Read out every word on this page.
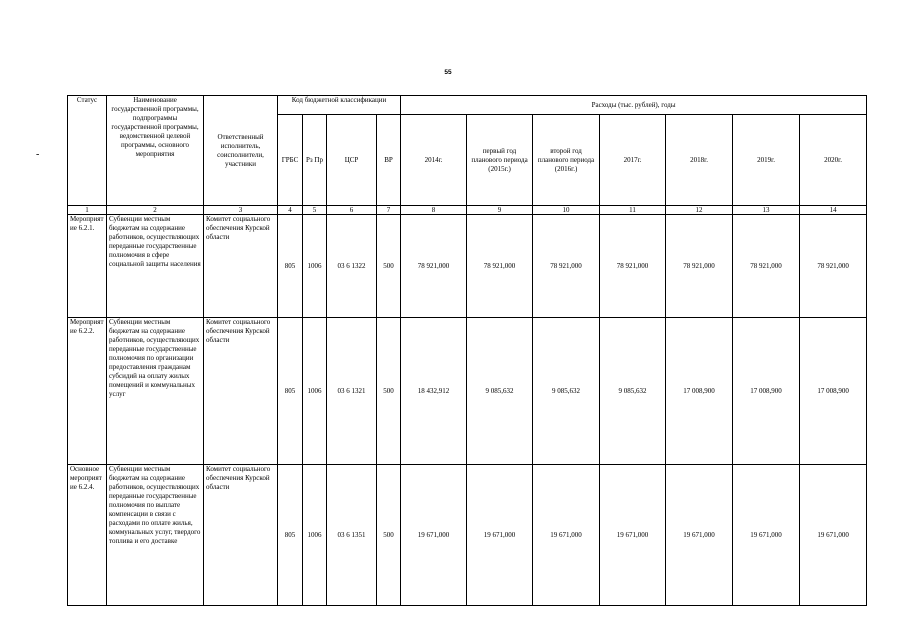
55
-
Статус	Наименование государственной программы, подпрограммы государственной программы, ведомственной целевой программы, основного мероприятия	Ответственный исполнитель, соисполнители, участники	Код бюджетной классификации				Расходы (тыс. рублей), годы						
			ГРБС	Рз Пр	ЦСР	ВР	2014г.	первый год планового периода (2015г.)	второй год планового периода (2016г.)	2017г.	2018г.	2019г.	2020г.
1	2	3	4	5	6	7	8	9	10	11	12	13	14
Мероприятие 6.2.1.	Субвенции местным бюджетам на содержание работников, осуществляющих переданные государственные полномочия в сфере социальной защиты населения	Комитет социального обеспечения Курской области	805	1006	03 6 1322	500	78 921,000	78 921,000	78 921,000	78 921,000	78 921,000	78 921,000	78 921,000
Мероприятие 6.2.2.	Субвенции местным бюджетам на содержание работников, осуществляющих переданные государственные полномочия по организации предоставления гражданам субсидий на оплату жилых помещений и коммунальных услуг	Комитет социального обеспечения Курской области	805	1006	03 6 1321	500	18 432,912	9 085,632	9 085,632	9 085,632	17 008,900	17 008,900	17 008,900
Основное мероприятие 6.2.4.	Субвенции местным бюджетам на содержание работников, осуществляющих переданные государственные полномочия по выплате компенсации в связи с расходами по оплате жилья, коммунальных услуг, твердого топлива и его доставке	Комитет социального обеспечения Курской области	805	1006	03 6 1351	500	19 671,000	19 671,000	19 671,000	19 671,000	19 671,000	19 671,000	19 671,000
